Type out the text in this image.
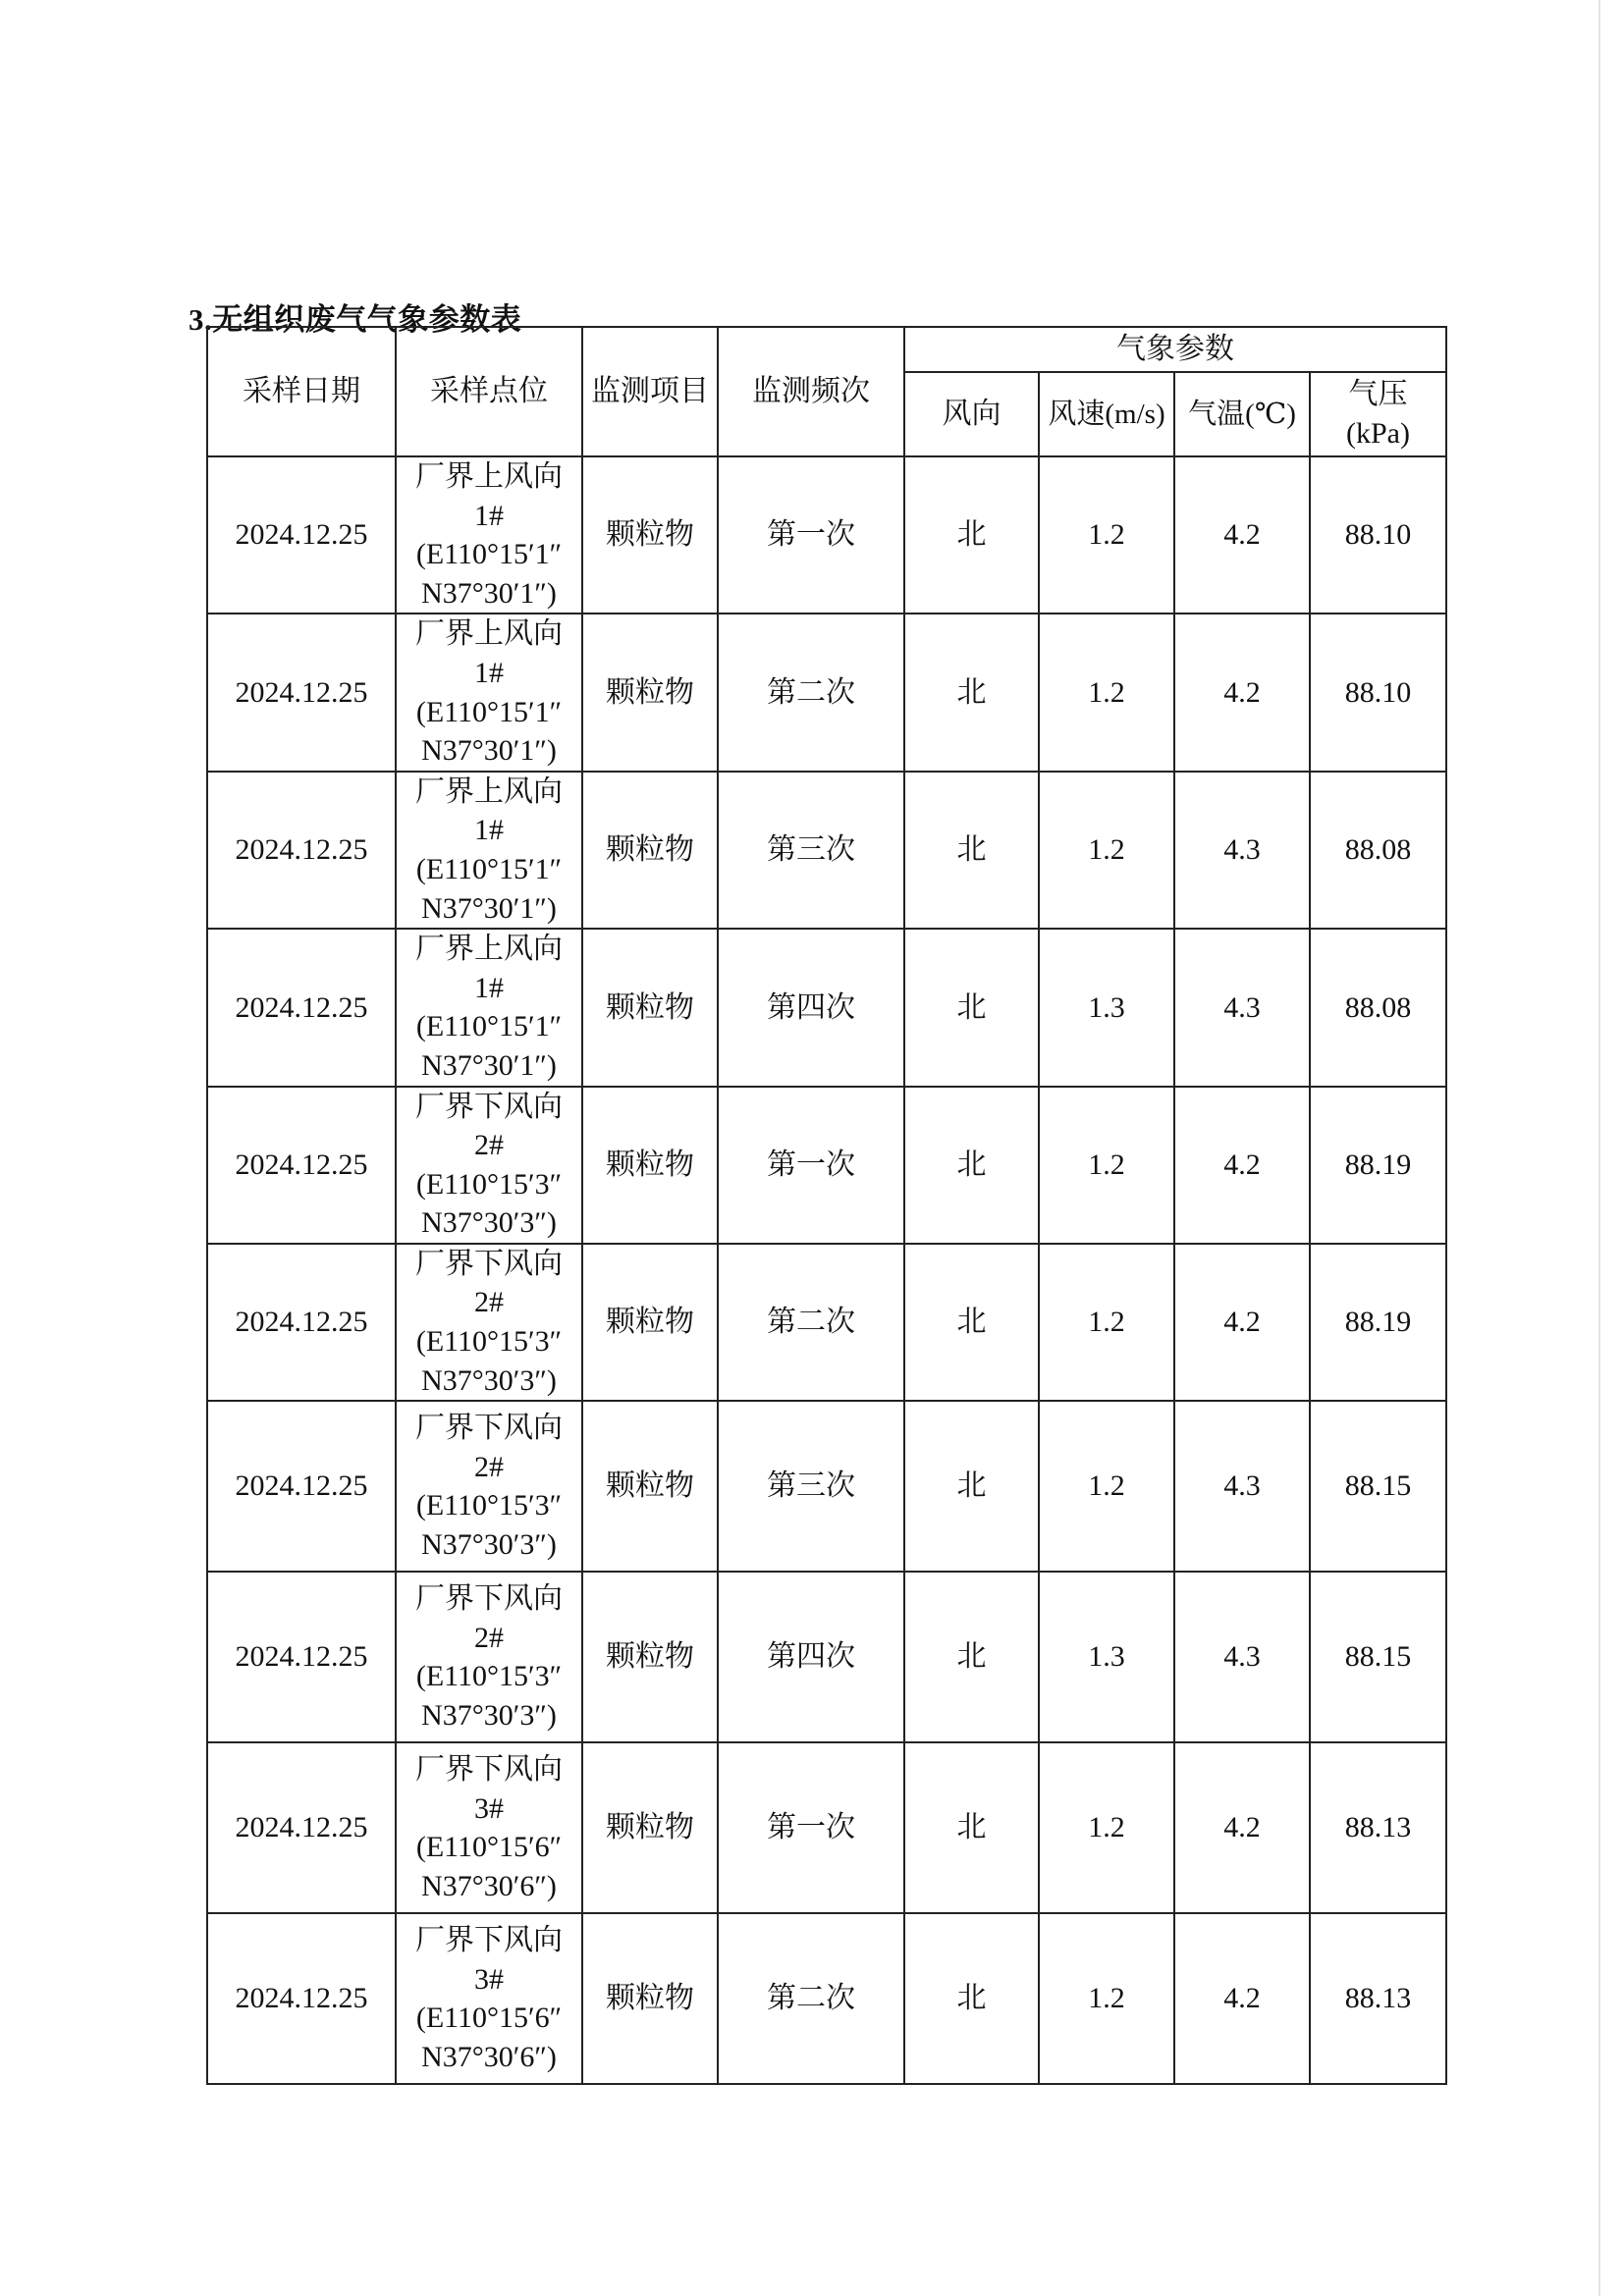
3.无组织废气气象参数表
采样日期	采样点位	监测项目	监测频次	气象参数			
				风向	风速(m/s)	气温(℃)	气压
(kPa)

2024.12.25	厂界上风向
1#
(E110°15′1″
N37°30′1″)	颗粒物	第一次	北	1.2	4.2	88.10
2024.12.25	厂界上风向
1#
(E110°15′1″
N37°30′1″)	颗粒物	第二次	北	1.2	4.2	88.10
2024.12.25	厂界上风向
1#
(E110°15′1″
N37°30′1″)	颗粒物	第三次	北	1.2	4.3	88.08
2024.12.25	厂界上风向
1#
(E110°15′1″
N37°30′1″)	颗粒物	第四次	北	1.3	4.3	88.08
2024.12.25	厂界下风向
2#
(E110°15′3″
N37°30′3″)	颗粒物	第一次	北	1.2	4.2	88.19
2024.12.25	厂界下风向
2#
(E110°15′3″
N37°30′3″)	颗粒物	第二次	北	1.2	4.2	88.19
2024.12.25	厂界下风向
2#
(E110°15′3″
N37°30′3″)	颗粒物	第三次	北	1.2	4.3	88.15
2024.12.25	厂界下风向
2#
(E110°15′3″
N37°30′3″)	颗粒物	第四次	北	1.3	4.3	88.15
2024.12.25	厂界下风向
3#
(E110°15′6″
N37°30′6″)	颗粒物	第一次	北	1.2	4.2	88.13
2024.12.25	厂界下风向
3#
(E110°15′6″
N37°30′6″)	颗粒物	第二次	北	1.2	4.2	88.13
